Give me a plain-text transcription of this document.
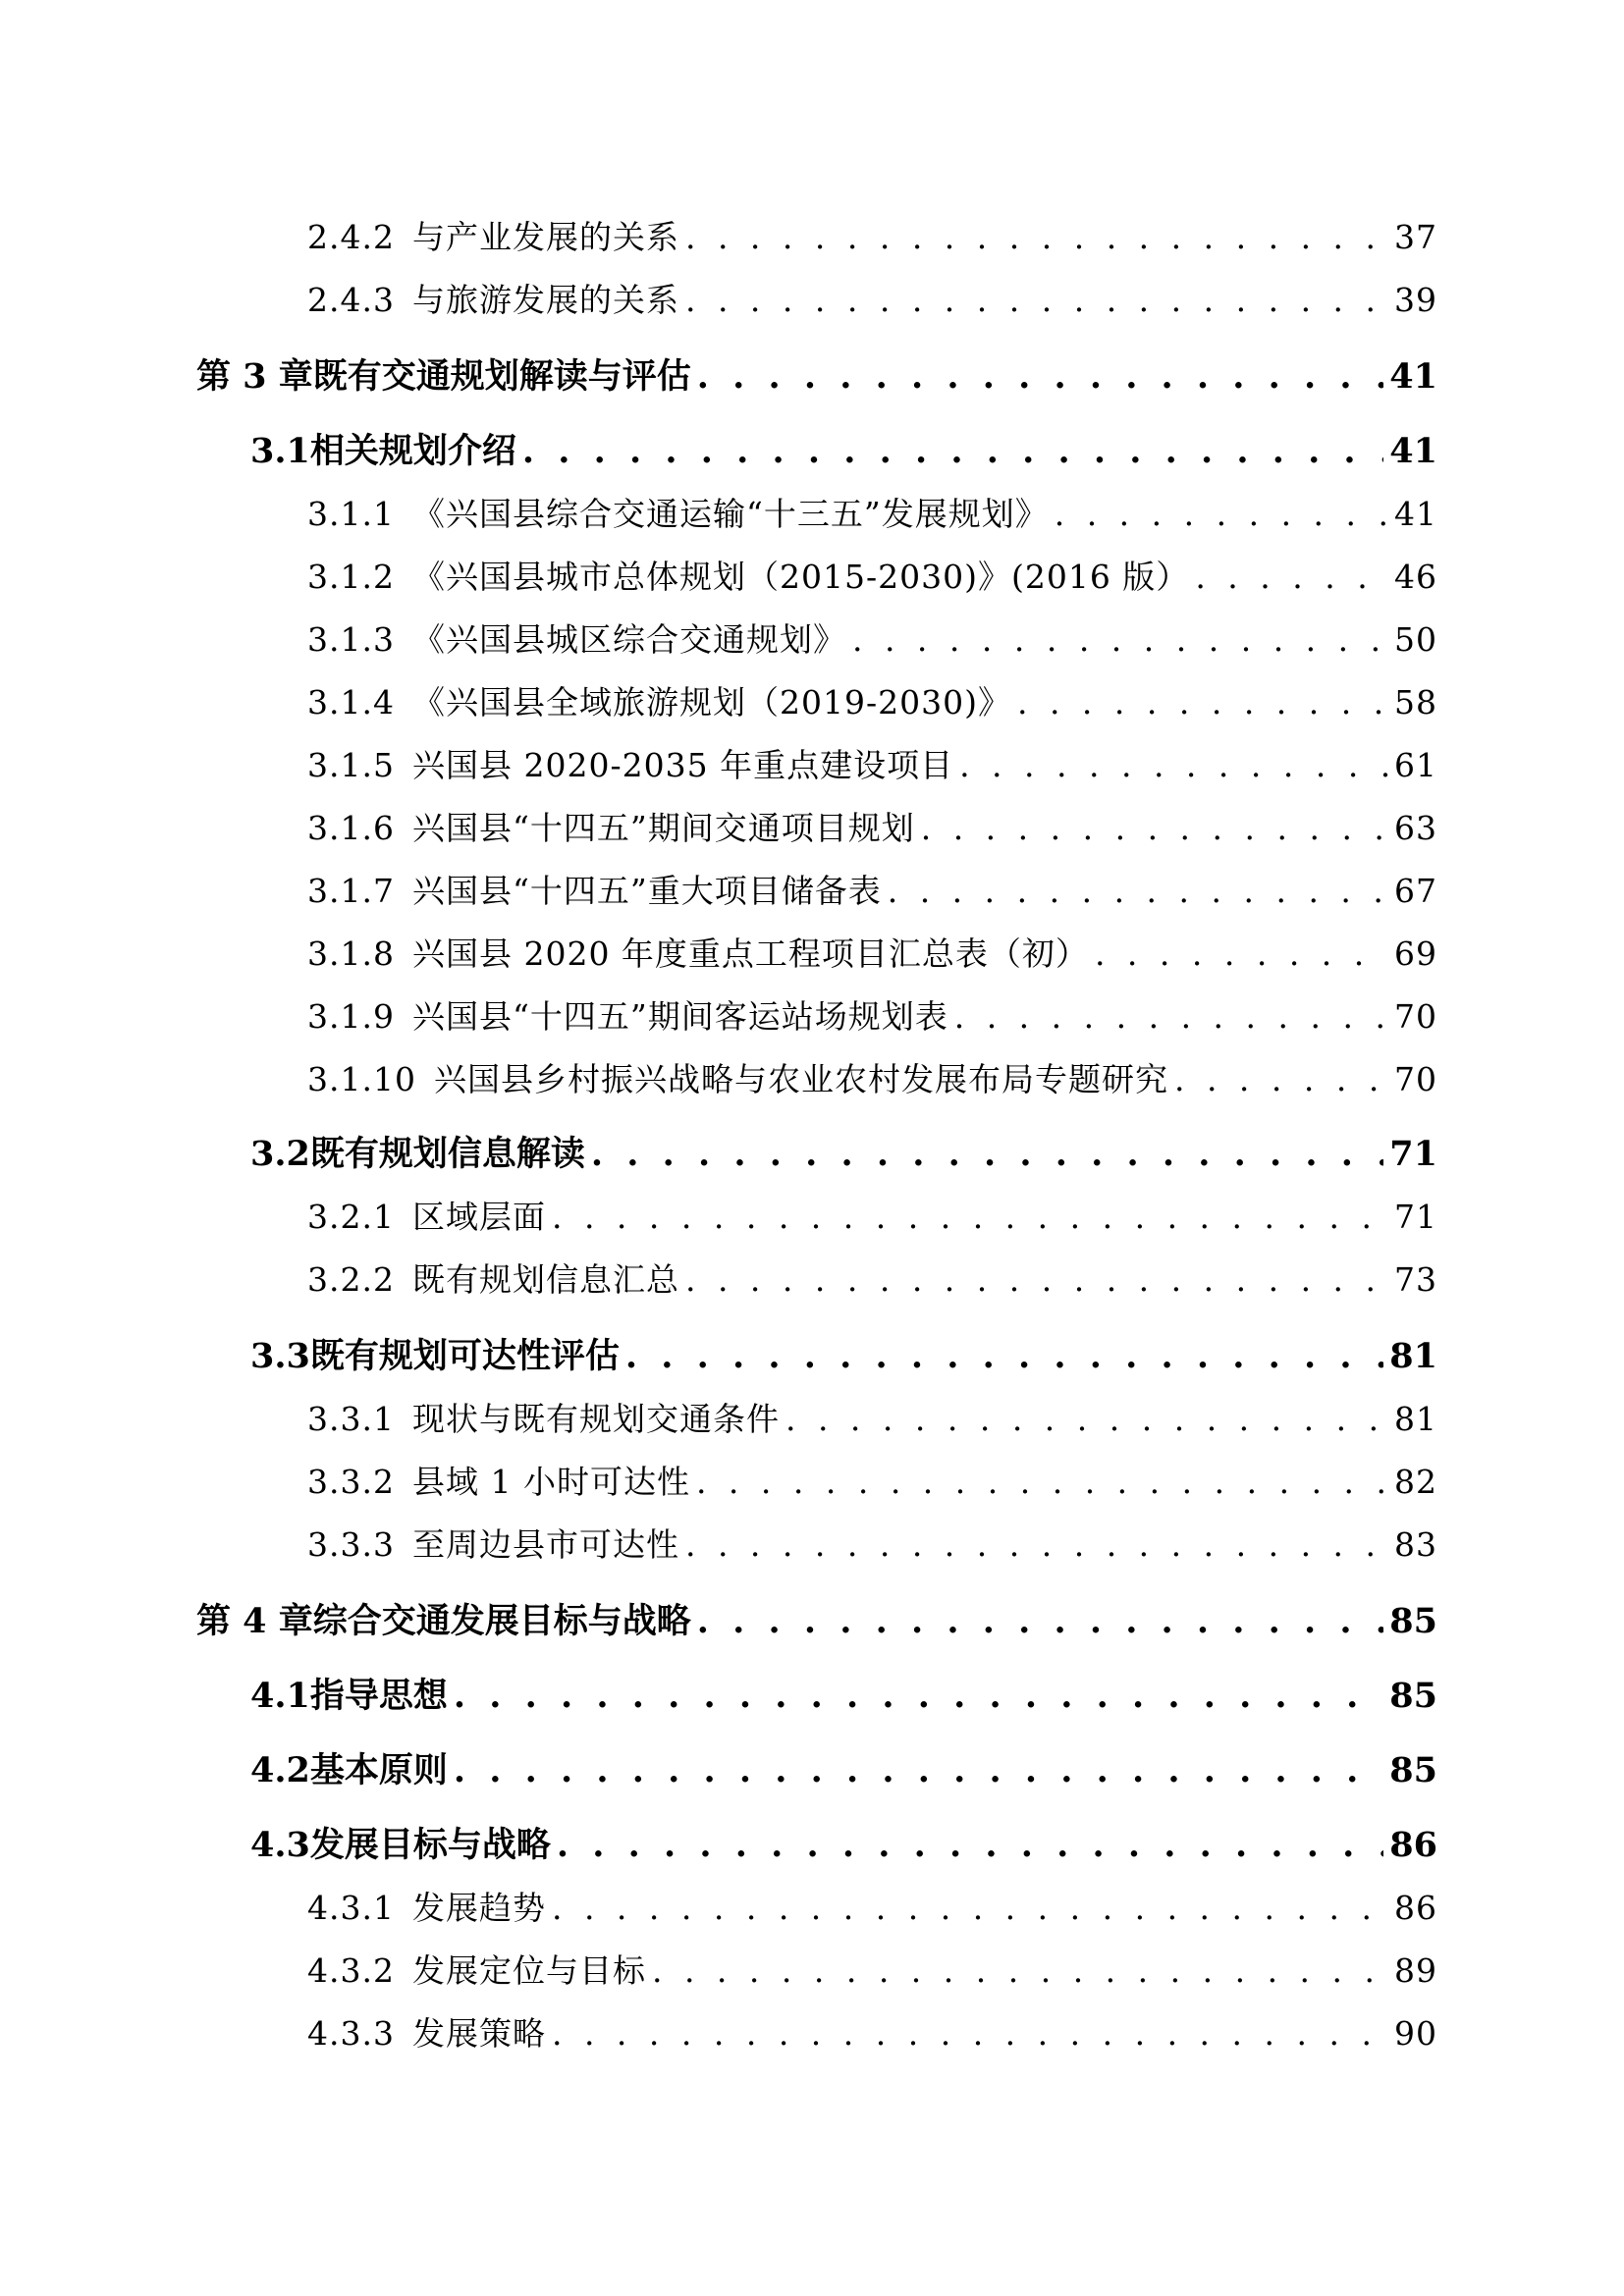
2.4.2 与产业发展的关系 . . .	37
2.4.3 与旅游发展的关系 . . .	39
第 3 章 既有交通规划解读与评估 . . .	41
3.1 相关规划介绍 . . .	41
3.1.1 《兴国县综合交通运输“十三五”发展规划》 . . .	41
3.1.2 《兴国县城市总体规划（2015-2030)》(2016 版） . . .	46
3.1.3 《兴国县城区综合交通规划》 . . .	50
3.1.4 《兴国县全域旅游规划（2019-2030)》 . . .	58
3.1.5 兴国县 2020-2035 年重点建设项目 . . .	61
3.1.6 兴国县“十四五”期间交通项目规划 . . .	63
3.1.7 兴国县“十四五”重大项目储备表 . . .	67
3.1.8 兴国县 2020 年度重点工程项目汇总表（初） . . .	69
3.1.9 兴国县“十四五”期间客运站场规划表 . . .	70
3.1.10 兴国县乡村振兴战略与农业农村发展布局专题研究 . . .	70
3.2 既有规划信息解读 . . .	71
3.2.1 区域层面 . . .	71
3.2.2 既有规划信息汇总 . . .	73
3.3 既有规划可达性评估 . . .	81
3.3.1 现状与既有规划交通条件 . . .	81
3.3.2 县域 1 小时可达性 . . .	82
3.3.3 至周边县市可达性 . . .	83
第 4 章 综合交通发展目标与战略 . . .	85
4.1 指导思想 . . .	85
4.2 基本原则 . . .	85
4.3 发展目标与战略 . . .	86
4.3.1 发展趋势 . . .	86
4.3.2 发展定位与目标 . . .	89
4.3.3 发展策略 . . .	90
